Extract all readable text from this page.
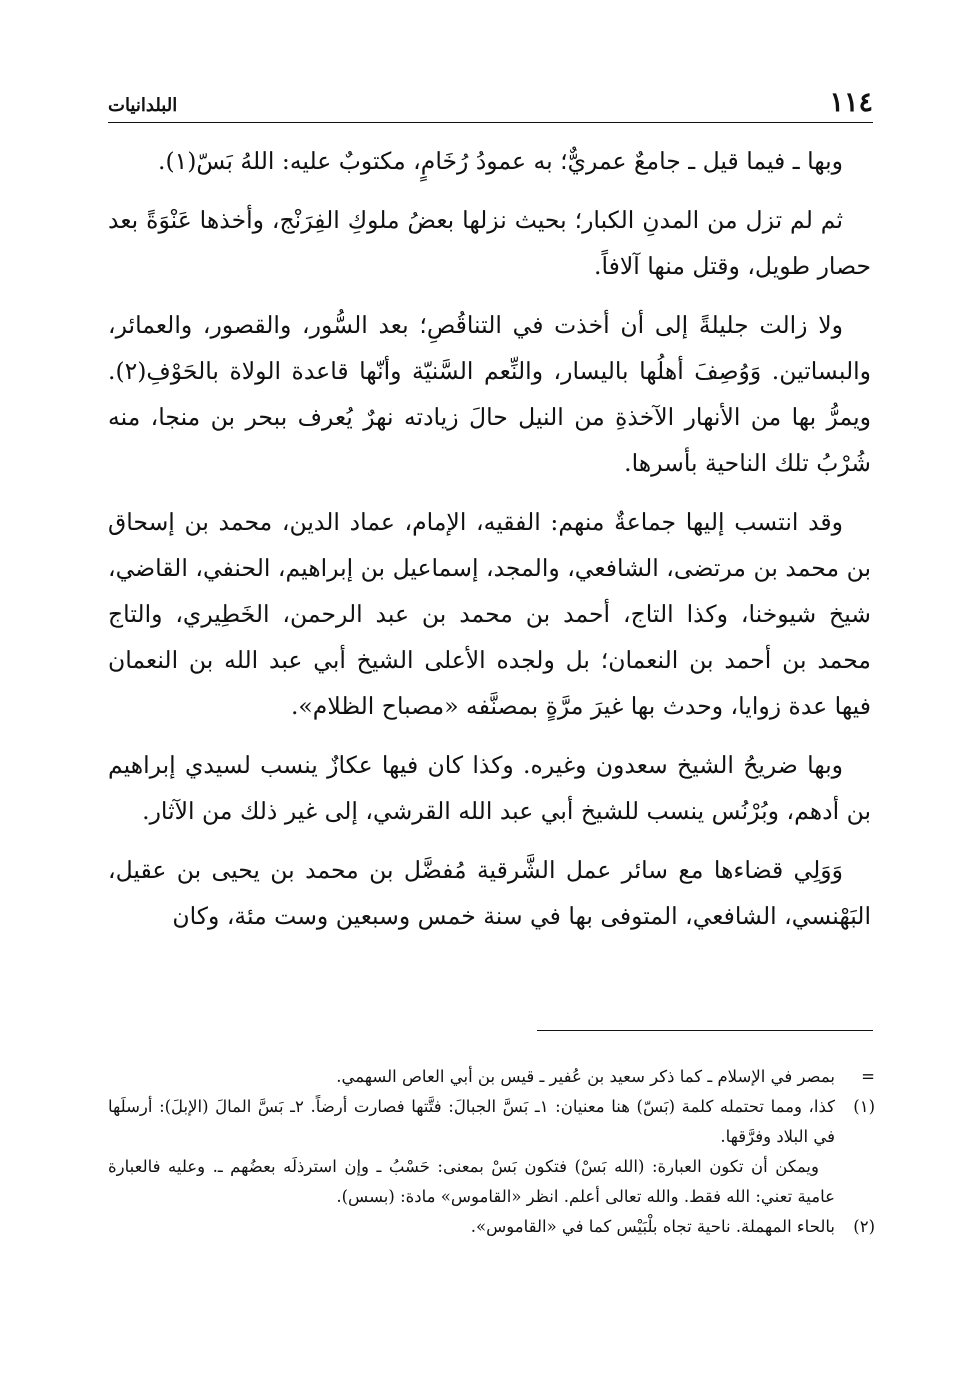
١١٤
البلدانيات

وبها ـ فيما قيل ـ جامعٌ عمريٌّ؛ به عمودُ رُخَامٍ، مكتوبٌ عليه: اللهُ بَسّ(١).

ثم لم تزل من المدنِ الكبار؛ بحيث نزلها بعضُ ملوكِ الفِرَنْج، وأخذها عَنْوَةً بعد حصار طويل، وقتل منها آلافاً.

ولا زالت جليلةً إلى أن أخذت في التناقُصِ؛ بعد السُّور، والقصور، والعمائر، والبساتين. وَوُصِفَ أهلُها باليسار، والنِّعم السَّنيّة وأنّها قاعدة الولاة بالحَوْفِ(٢). ويمرُّ بها من الأنهار الآخذةِ من النيل حالَ زيادته نهرٌ يُعرف ببحر بن منجا، منه شُرْبُ تلك الناحية بأسرها.

وقد انتسب إليها جماعةٌ منهم: الفقيه، الإمام، عماد الدين، محمد بن إسحاق بن محمد بن مرتضى، الشافعي، والمجد، إسماعيل بن إبراهيم، الحنفي، القاضي، شيخ شيوخنا، وكذا التاج، أحمد بن محمد بن عبد الرحمن، الخَطِيري، والتاج محمد بن أحمد بن النعمان؛ بل ولجده الأعلى الشيخ أبي عبد الله بن النعمان فيها عدة زوايا، وحدث بها غيرَ مرَّةٍ بمصنَّفه «مصباح الظلام».

وبها ضريحُ الشيخ سعدون وغيره. وكذا كان فيها عكازٌ ينسب لسيدي إبراهيم بن أدهم، وبُرْنُس ينسب للشيخ أبي عبد الله القرشي، إلى غير ذلك من الآثار.

وَوَلِي قضاءها مع سائر عمل الشَّرقية مُفضَّل بن محمد بن يحيى بن عقيل، البَهْنسي، الشافعي، المتوفى بها في سنة خمس وسبعين وست مئة، وكان

=
بمصر في الإسلام ـ كما ذكر سعيد بن عُفير ـ قيس بن أبي العاص السهمي.
(١)
كذا، ومما تحتمله كلمة (بَسّ) هنا معنيان: ١ـ بَسَّ الجبالَ: فتَّتها فصارت أرضاً. ٢ـ بَسَّ المالَ (الإبلَ): أرسلَها في البلاد وفرَّقها.
ويمكن أن تكون العبارة: (الله بَسْ) فتكون بَسْ بمعنى: حَسْبُ ـ وإن استرذلَه بعضُهم ـ. وعليه فالعبارة عامية تعني: الله فقط. والله تعالى أعلم. انظر «القاموس» مادة: (بسس).
(٢)
بالحاء المهملة. ناحية تجاه بلْبَيْس كما في «القاموس».
